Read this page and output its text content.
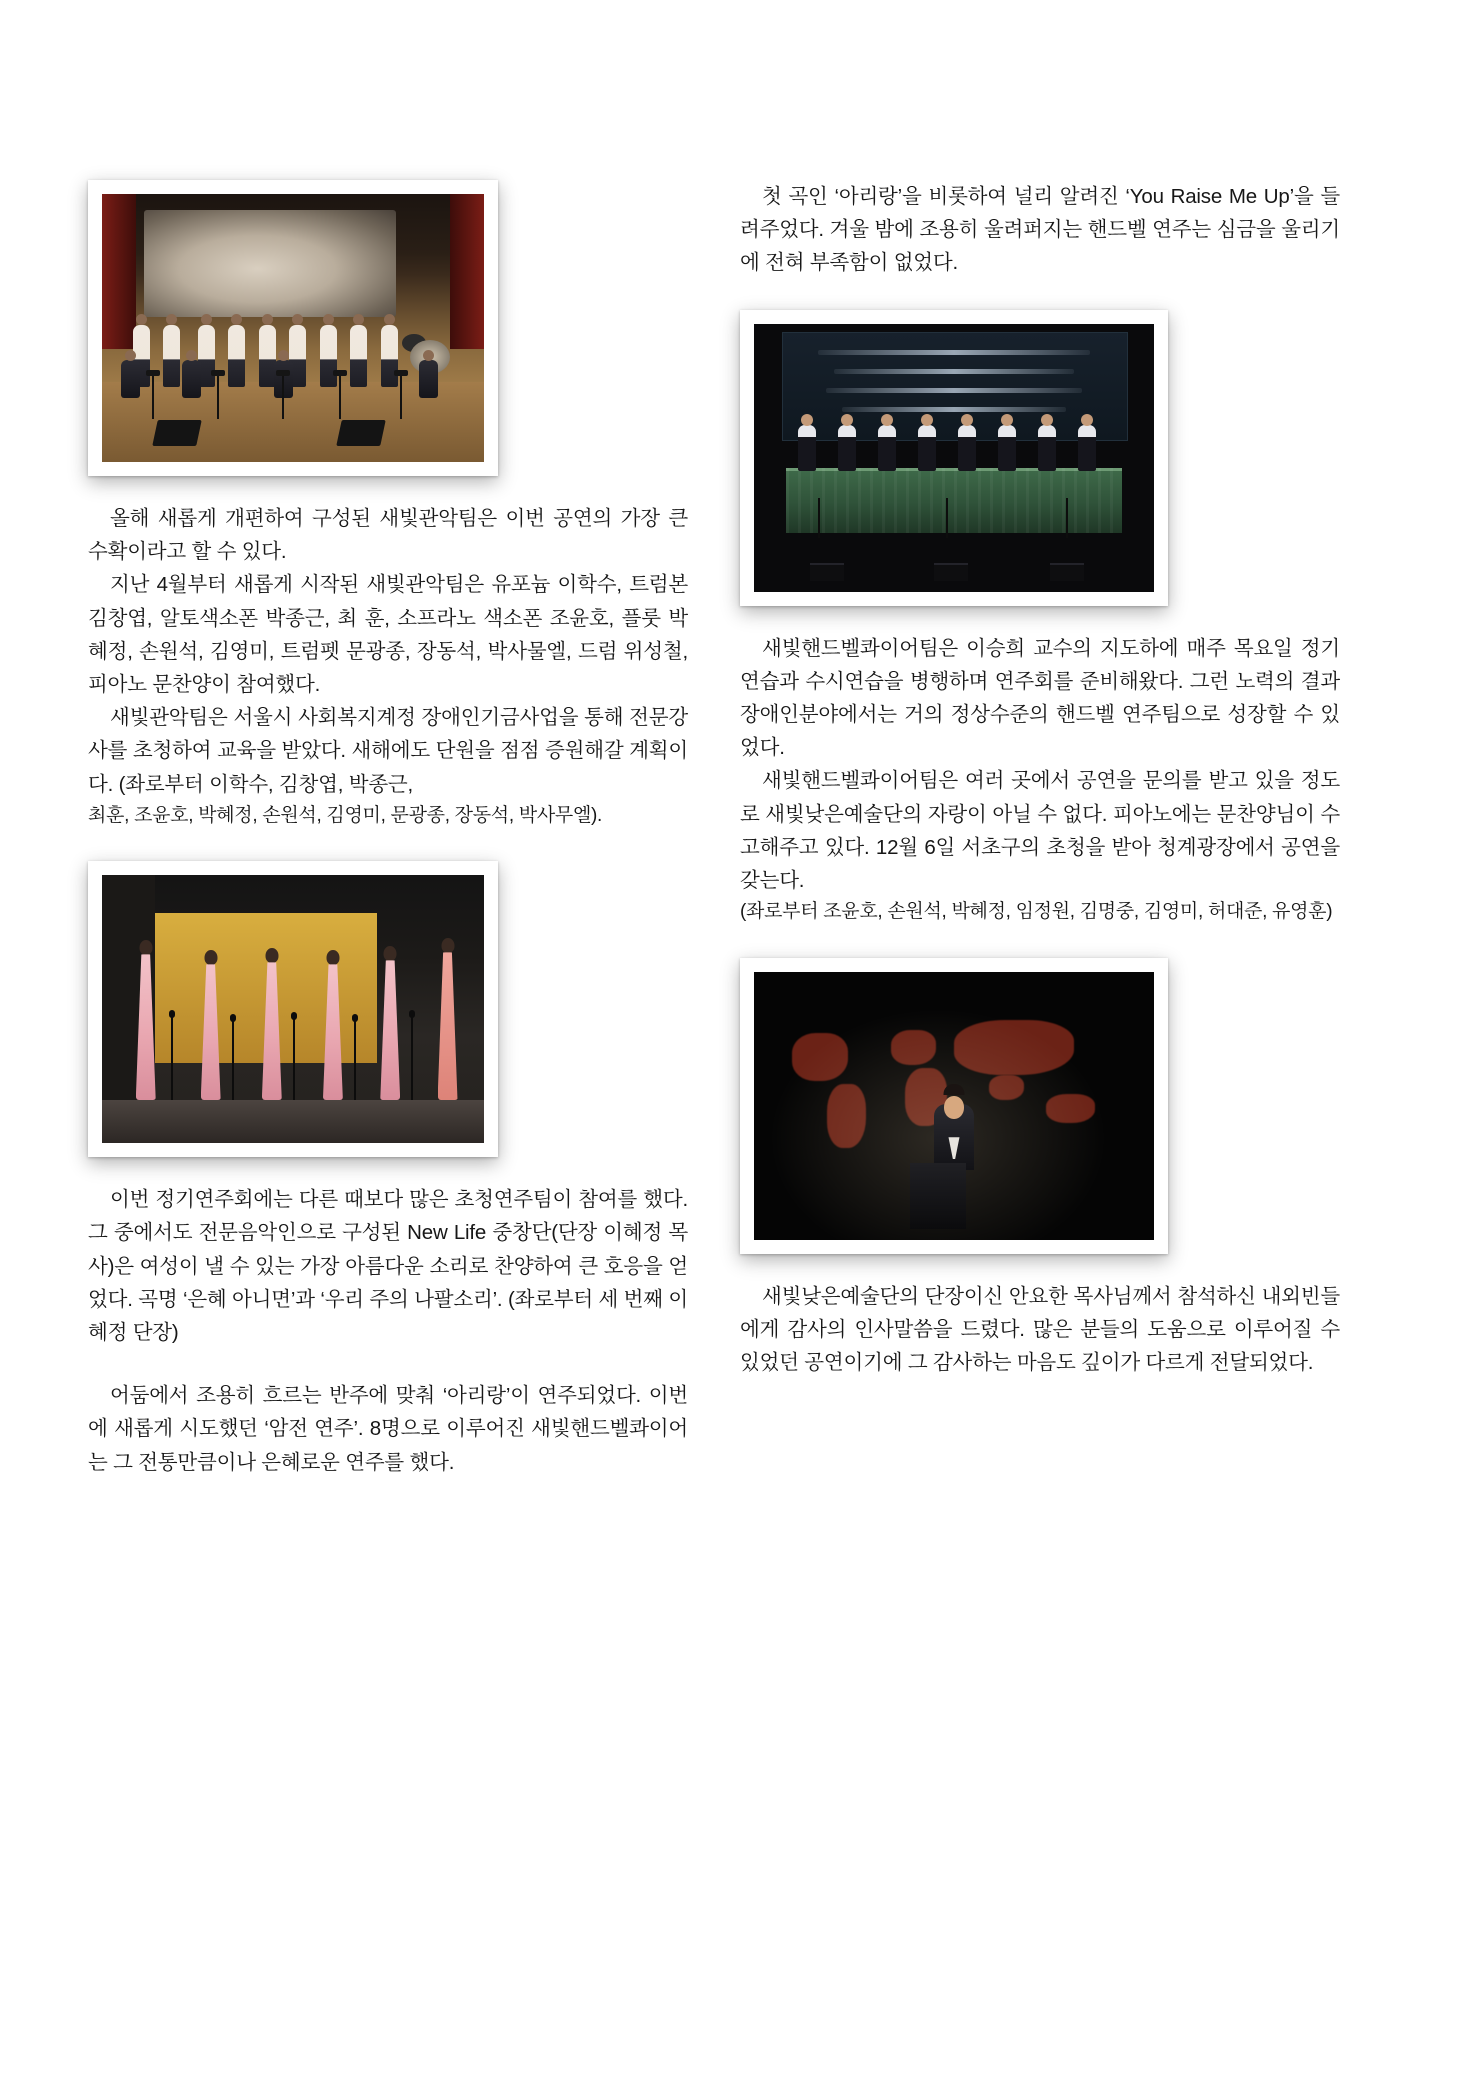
올해 새롭게 개편하여 구성된 새빛관악팀은 이번 공연의 가장 큰 수확이라고 할 수 있다.

지난 4월부터 새롭게 시작된 새빛관악팀은 유포늄 이학수, 트럼본 김창엽, 알토색소폰 박종근, 최 훈, 소프라노 색소폰 조윤호, 플룻 박혜정, 손원석, 김영미, 트럼펫 문광종, 장동석, 박사물엘, 드럼 위성철, 피아노 문찬양이 참여했다.

새빛관악팀은 서울시 사회복지계정 장애인기금사업을 통해 전문강사를 초청하여 교육을 받았다. 새해에도 단원을 점점 증원해갈 계획이다. (좌로부터 이학수, 김창엽, 박종근,

최훈, 조윤호, 박혜정, 손원석, 김영미, 문광종, 장동석, 박사무엘).

이번 정기연주회에는 다른 때보다 많은 초청연주팀이 참여를 했다. 그 중에서도 전문음악인으로 구성된 New Life 중창단(단장 이혜정 목사)은 여성이 낼 수 있는 가장 아름다운 소리로 찬양하여 큰 호응을 얻었다. 곡명 ‘은혜 아니면’과 ‘우리 주의 나팔소리’. (좌로부터 세 번째 이혜정 단장)

어둠에서 조용히 흐르는 반주에 맞춰 ‘아리랑’이 연주되었다. 이번에 새롭게 시도했던 ‘암전 연주’. 8명으로 이루어진 새빛핸드벨콰이어는 그 전통만큼이나 은혜로운 연주를 했다.

첫 곡인 ‘아리랑’을 비롯하여 널리 알려진 ‘You Raise Me Up’을 들려주었다. 겨울 밤에 조용히 울려퍼지는 핸드벨 연주는 심금을 울리기에 전혀 부족함이 없었다.

새빛핸드벨콰이어팀은 이승희 교수의 지도하에 매주 목요일 정기연습과 수시연습을 병행하며 연주회를 준비해왔다. 그런 노력의 결과 장애인분야에서는 거의 정상수준의 핸드벨 연주팀으로 성장할 수 있었다.

새빛핸드벨콰이어팀은 여러 곳에서 공연을 문의를 받고 있을 정도로 새빛낮은예술단의 자랑이 아닐 수 없다. 피아노에는 문찬양님이 수고해주고 있다. 12월 6일 서초구의 초청을 받아 청계광장에서 공연을 갖는다.

(좌로부터 조윤호, 손원석, 박혜정, 임정원, 김명중, 김영미, 허대준, 유영훈)

새빛낮은예술단의 단장이신 안요한 목사님께서 참석하신 내외빈들에게 감사의 인사말씀을 드렸다. 많은 분들의 도움으로 이루어질 수 있었던 공연이기에 그 감사하는 마음도 깊이가 다르게 전달되었다.
